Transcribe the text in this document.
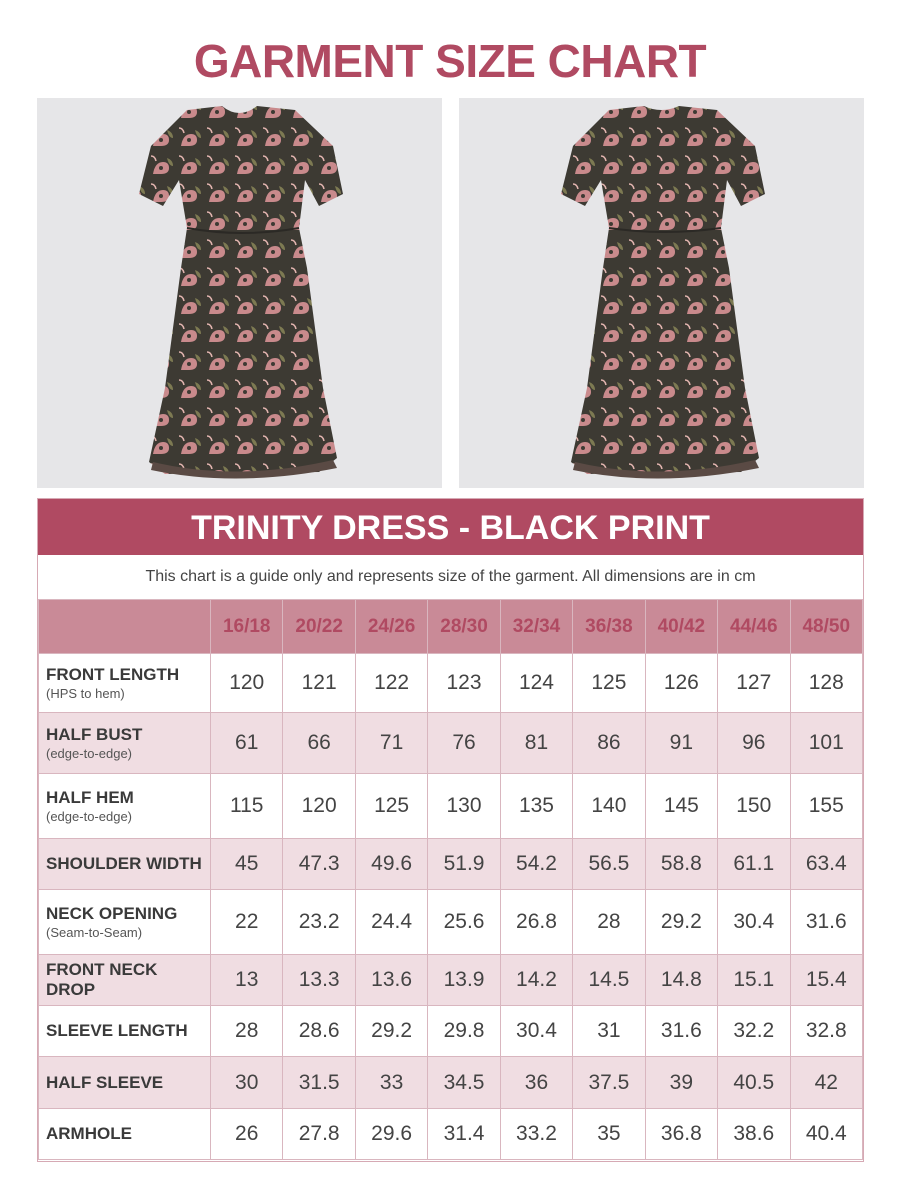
GARMENT SIZE CHART
TRINITY DRESS - BLACK PRINT
This chart is a guide only and represents size of the garment. All dimensions are in cm
	16/18	20/22	24/26	28/30	32/34	36/38	40/42	44/46	48/50

FRONT LENGTH
(HPS to hem)	120	121	122	123	124	125	126	127	128

HALF BUST
(edge-to-edge)	61	66	71	76	81	86	91	96	101

HALF HEM
(edge-to-edge)	115	120	125	130	135	140	145	150	155

SHOULDER WIDTH	45	47.3	49.6	51.9	54.2	56.5	58.8	61.1	63.4

NECK OPENING
(Seam-to-Seam)	22	23.2	24.4	25.6	26.8	28	29.2	30.4	31.6

FRONT NECK DROP	13	13.3	13.6	13.9	14.2	14.5	14.8	15.1	15.4

SLEEVE LENGTH	28	28.6	29.2	29.8	30.4	31	31.6	32.2	32.8

HALF SLEEVE	30	31.5	33	34.5	36	37.5	39	40.5	42

ARMHOLE	26	27.8	29.6	31.4	33.2	35	36.8	38.6	40.4
